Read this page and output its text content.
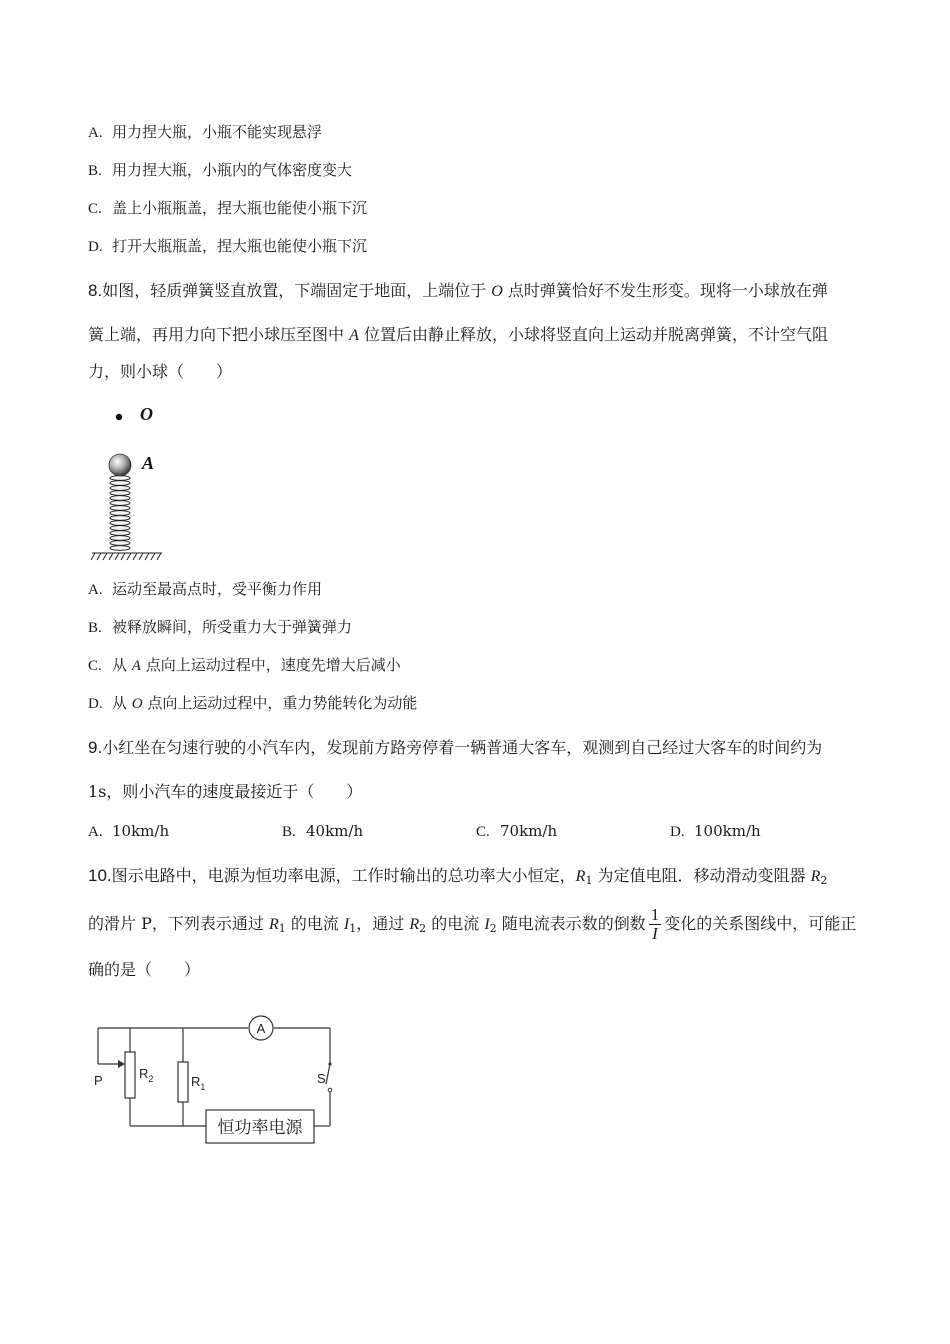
A. 用力捏大瓶，小瓶不能实现悬浮
B. 用力捏大瓶，小瓶内的气体密度变大
C. 盖上小瓶瓶盖，捏大瓶也能使小瓶下沉
D. 打开大瓶瓶盖，捏大瓶也能使小瓶下沉
8.如图，轻质弹簧竖直放置，下端固定于地面，上端位于 O 点时弹簧恰好不发生形变。现将一小球放在弹
簧上端，再用力向下把小球压至图中 A 位置后由静止释放，小球将竖直向上运动并脱离弹簧，不计空气阻
力，则小球（　　）
O
A
A. 运动至最高点时，受平衡力作用
B. 被释放瞬间，所受重力大于弹簧弹力
C. 从 A 点向上运动过程中，速度先增大后减小
D. 从 O 点向上运动过程中，重力势能转化为动能
9.小红坐在匀速行驶的小汽车内，发现前方路旁停着一辆普通大客车，观测到自己经过大客车的时间约为
1s，则小汽车的速度最接近于（　　）
A. 10km/h	B. 40km/h	C. 70km/h	D. 100km/h
10.图示电路中，电源为恒功率电源，工作时输出的总功率大小恒定，$R_1$ 为定值电阻．移动滑动变阻器 $R_2$
的滑片 P，下列表示通过 $R_1$ 的电流 $I_1$，通过 $R_2$ 的电流 $I_2$ 随电流表示数的倒数 $\frac{1}{I}$ 变化的关系图线中，可能正
确的是（　　）
A
恒功率电源
P	$R_2$	$R_1$
S
